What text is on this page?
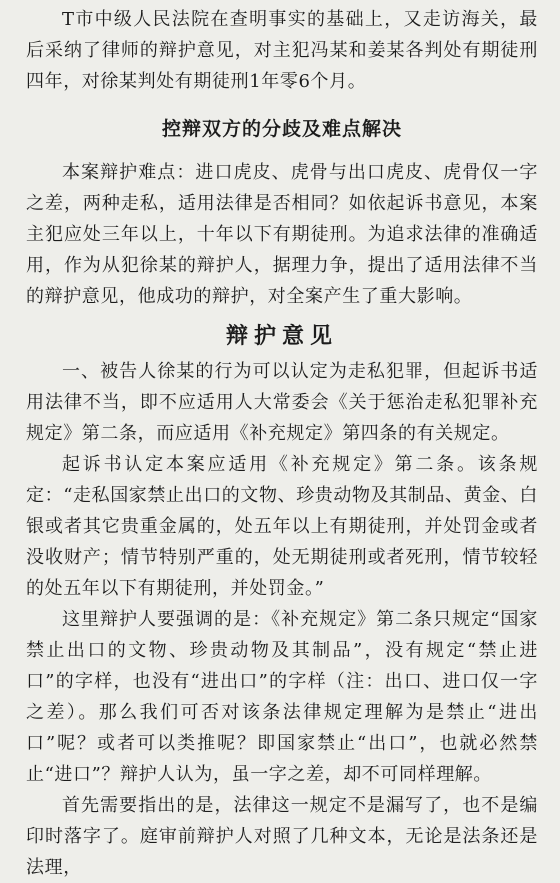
T市中级人民法院在查明事实的基础上，又走访海关，最后采纳了律师的辩护意见，对主犯冯某和姜某各判处有期徒刑四年，对徐某判处有期徒刑1年零6个月。

控辩双方的分歧及难点解决

本案辩护难点：进口虎皮、虎骨与出口虎皮、虎骨仅一字之差，两种走私，适用法律是否相同？如依起诉书意见，本案主犯应处三年以上，十年以下有期徒刑。为追求法律的准确适用，作为从犯徐某的辩护人，据理力争，提出了适用法律不当的辩护意见，他成功的辩护，对全案产生了重大影响。

辩护意见

一、被告人徐某的行为可以认定为走私犯罪，但起诉书适用法律不当，即不应适用人大常委会《关于惩治走私犯罪补充规定》第二条，而应适用《补充规定》第四条的有关规定。

起诉书认定本案应适用《补充规定》第二条。该条规定：“走私国家禁止出口的文物、珍贵动物及其制品、黄金、白银或者其它贵重金属的，处五年以上有期徒刑，并处罚金或者没收财产；情节特别严重的，处无期徒刑或者死刑，情节较轻的处五年以下有期徒刑，并处罚金。”

这里辩护人要强调的是：《补充规定》第二条只规定“国家禁止出口的文物、珍贵动物及其制品”，没有规定“禁止进口”的字样，也没有“进出口”的字样（注：出口、进口仅一字之差）。那么我们可否对该条法律规定理解为是禁止“进出口”呢？或者可以类推呢？即国家禁止“出口”，也就必然禁止“进口”？辩护人认为，虽一字之差，却不可同样理解。

首先需要指出的是，法律这一规定不是漏写了，也不是编印时落字了。庭审前辩护人对照了几种文本，无论是法条还是法理，
